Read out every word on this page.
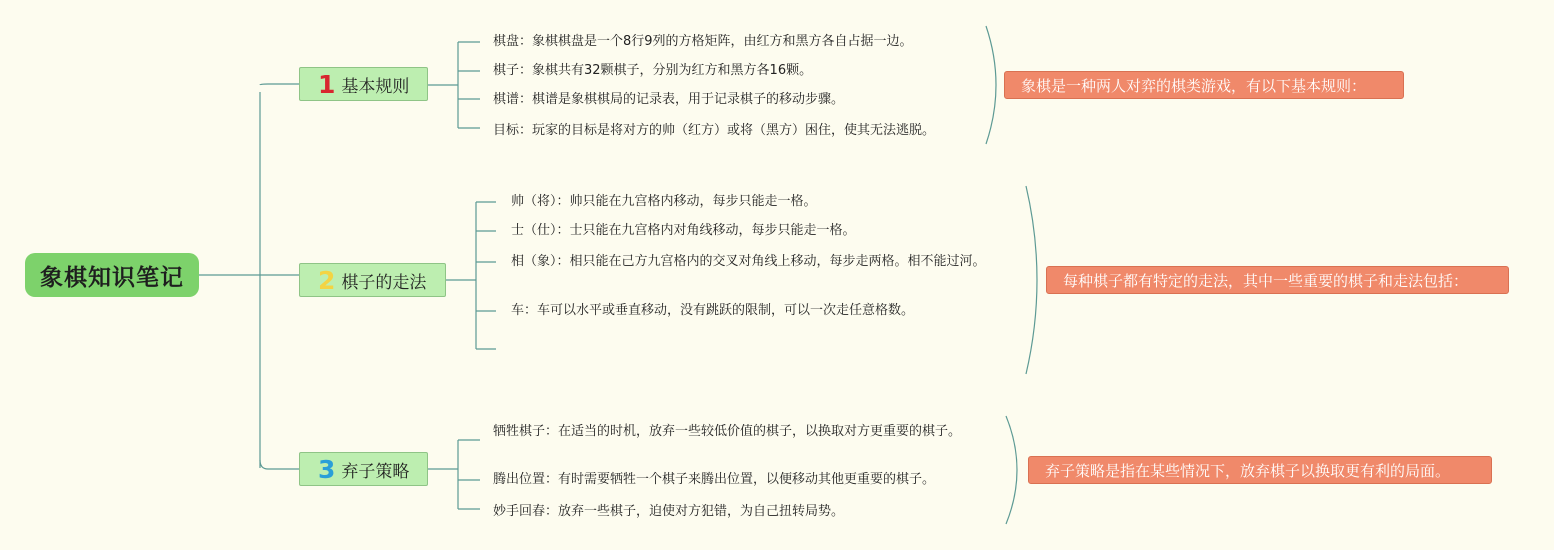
象棋知识笔记
1 基本规则
棋盘：象棋棋盘是一个8行9列的方格矩阵，由红方和黑方各自占据一边。
棋子：象棋共有32颗棋子，分别为红方和黑方各16颗。
棋谱：棋谱是象棋棋局的记录表，用于记录棋子的移动步骤。
目标：玩家的目标是将对方的帅（红方）或将（黑方）困住，使其无法逃脱。
象棋是一种两人对弈的棋类游戏，有以下基本规则：
2 棋子的走法
帅（将）：帅只能在九宫格内移动，每步只能走一格。
士（仕）：士只能在九宫格内对角线移动，每步只能走一格。
相（象）：相只能在己方九宫格内的交叉对角线上移动，每步走两格。相不能过河。
车：车可以水平或垂直移动，没有跳跃的限制，可以一次走任意格数。
每种棋子都有特定的走法，其中一些重要的棋子和走法包括：
3 弃子策略
牺牲棋子：在适当的时机，放弃一些较低价值的棋子，以换取对方更重要的棋子。
腾出位置：有时需要牺牲一个棋子来腾出位置，以便移动其他更重要的棋子。
妙手回春：放弃一些棋子，迫使对方犯错，为自己扭转局势。
弃子策略是指在某些情况下，放弃棋子以换取更有利的局面。
